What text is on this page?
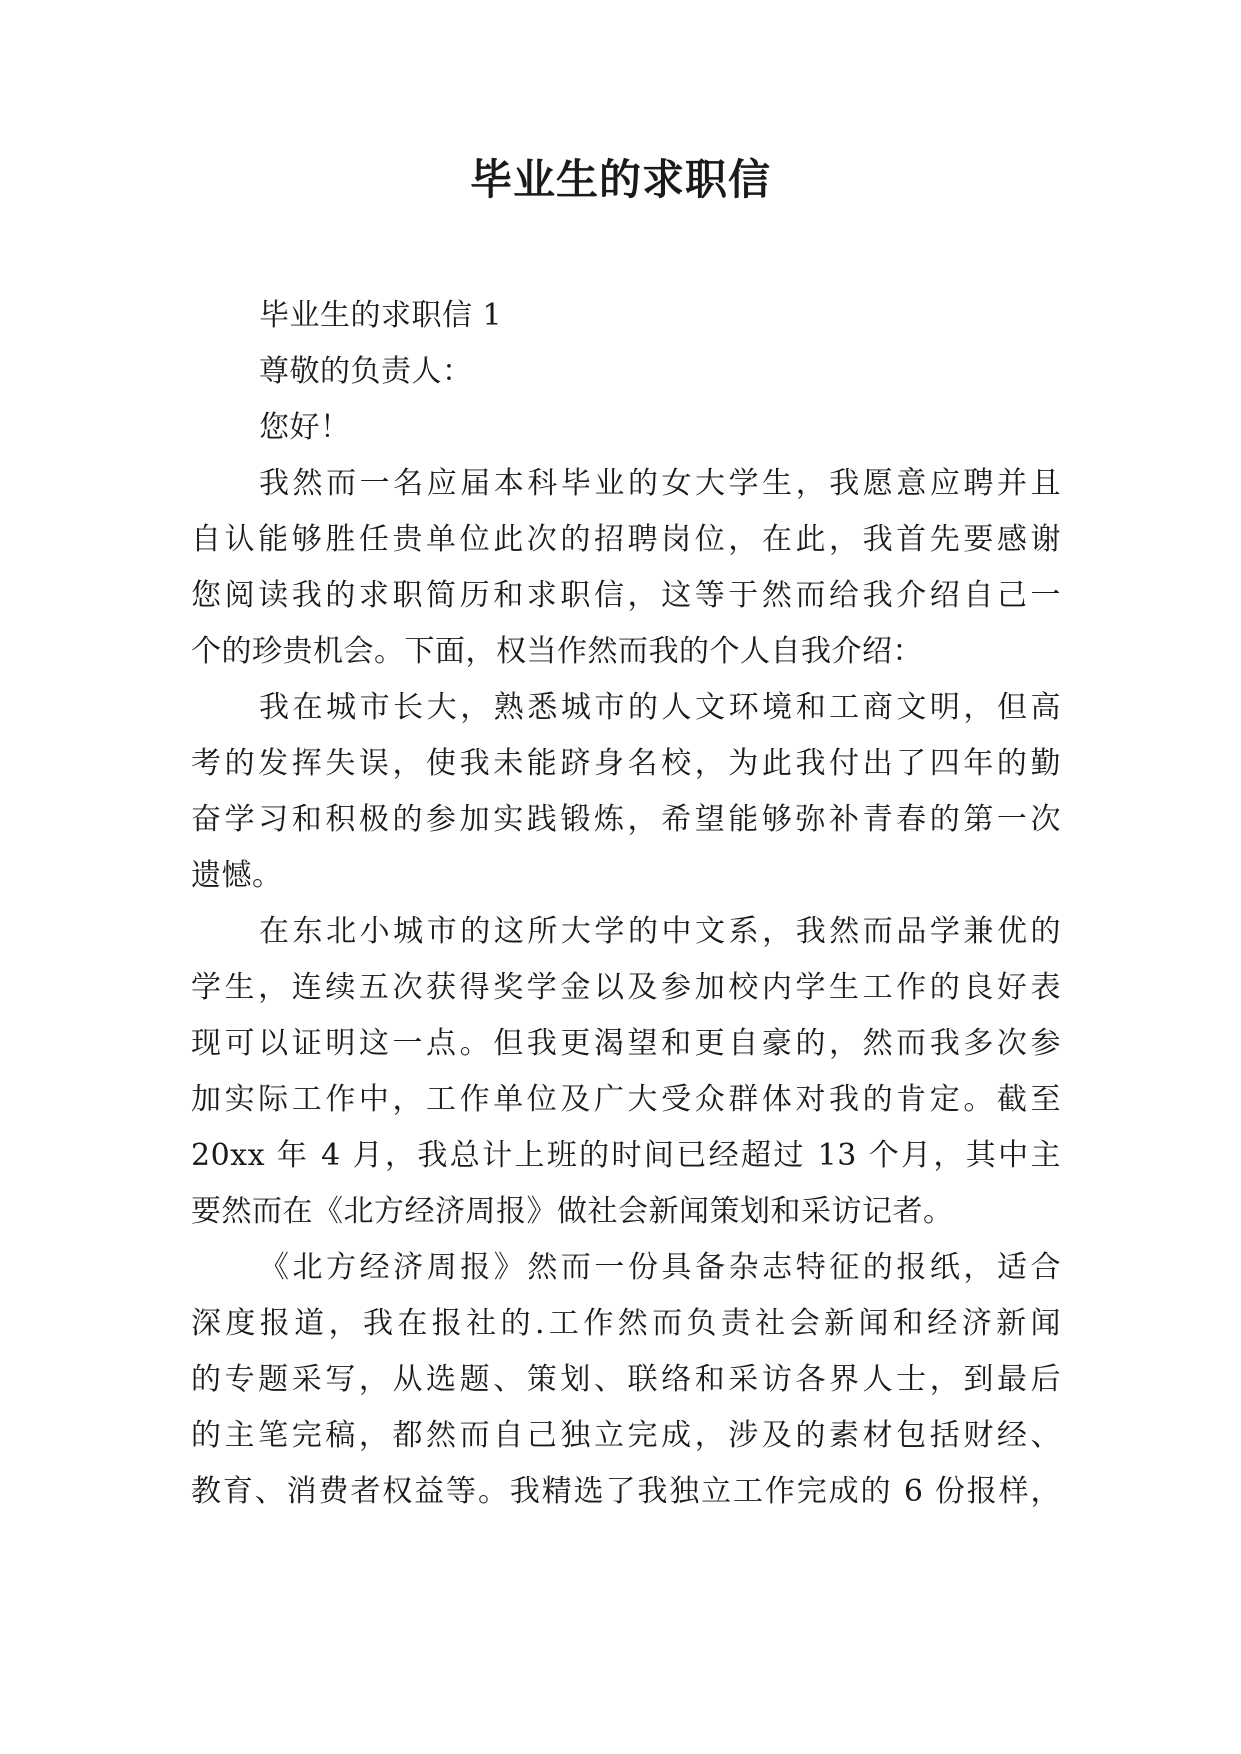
毕业生的求职信
毕业生的求职信 1
尊敬的负责人：
您好！
我然而一名应届本科毕业的女大学生，我愿意应聘并且
自认能够胜任贵单位此次的招聘岗位，在此，我首先要感谢
您阅读我的求职简历和求职信，这等于然而给我介绍自己一
个的珍贵机会。下面，权当作然而我的个人自我介绍：
我在城市长大，熟悉城市的人文环境和工商文明，但高
考的发挥失误，使我未能跻身名校，为此我付出了四年的勤
奋学习和积极的参加实践锻炼，希望能够弥补青春的第一次
遗憾。
在东北小城市的这所大学的中文系，我然而品学兼优的
学生，连续五次获得奖学金以及参加校内学生工作的良好表
现可以证明这一点。但我更渴望和更自豪的，然而我多次参
加实际工作中，工作单位及广大受众群体对我的肯定。截至
20xx 年 4 月，我总计上班的时间已经超过 13 个月，其中主
要然而在《北方经济周报》做社会新闻策划和采访记者。
《北方经济周报》然而一份具备杂志特征的报纸，适合
深度报道，我在报社的.工作然而负责社会新闻和经济新闻
的专题采写，从选题、策划、联络和采访各界人士，到最后
的主笔完稿，都然而自己独立完成，涉及的素材包括财经、
教育、消费者权益等。我精选了我独立工作完成的 6 份报样，
